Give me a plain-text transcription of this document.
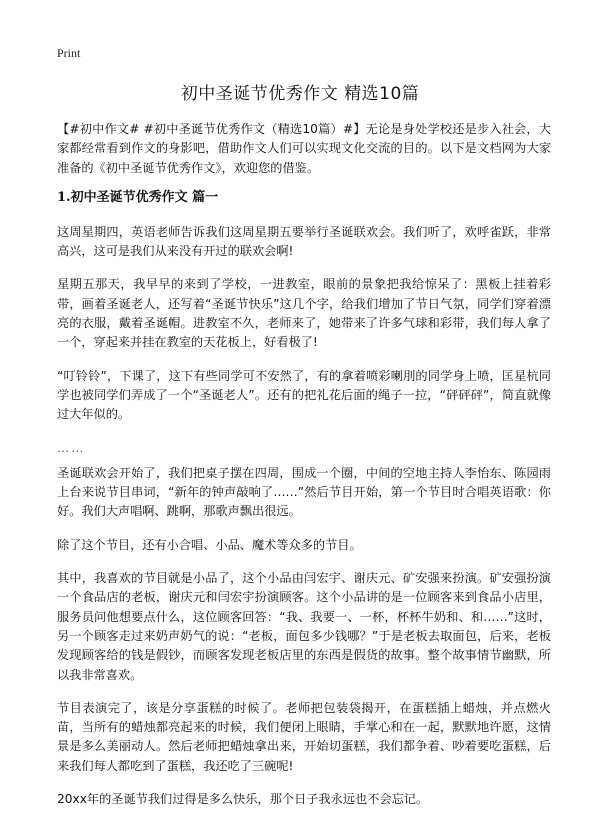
Print
初中圣诞节优秀作文 精选10篇

【#初中作文# #初中圣诞节优秀作文（精选10篇）#】无论是身处学校还是步入社会，大家都经常看到作文的身影吧，借助作文人们可以实现文化交流的目的。以下是文档网为大家准备的《初中圣诞节优秀作文》，欢迎您的借鉴。

1.初中圣诞节优秀作文 篇一

这周星期四，英语老师告诉我们这周星期五要举行圣诞联欢会。我们听了，欢呼雀跃，非常高兴，这可是我们从来没有开过的联欢会啊!

星期五那天，我早早的来到了学校，一进教室，眼前的景象把我给惊呆了：黑板上挂着彩带，画着圣诞老人，还写着“圣诞节快乐”这几个字，给我们增加了节日气氛，同学们穿着漂亮的衣服，戴着圣诞帽。进教室不久，老师来了，她带来了许多气球和彩带，我们每人拿了一个，穿起来并挂在教室的天花板上，好看极了!

“叮铃铃”，下课了，这下有些同学可不安然了，有的拿着喷彩喇刖的同学身上喷，匡星杭同学也被同学们弄成了一个“圣诞老人”。还有的把礼花后面的绳子一拉，“砰砰砰”，简直就像过大年似的。

……

圣诞联欢会开始了，我们把桌子摆在四周，围成一个圈，中间的空地主持人李怡东、陈园雨上台来说节目串词，“新年的钟声敲响了……”然后节目开始，第一个节目时合唱英语歌：你好。我们大声唱啊、跳啊，那歌声飘出很远。

除了这个节目，还有小合唱、小品、魔术等众多的节目。

其中，我喜欢的节目就是小品了，这个小品由闫宏宇、谢庆元、矿安强来扮演。矿安强扮演一个食品店的老板，谢庆元和闫宏宇扮演顾客。这个小品讲的是一位顾客来到食品小店里，服务员问他想要点什么，这位顾客回答：“我、我要一、一杯，杯杯牛奶和、和……”这时，另一个顾客走过来奶声奶气的说：“老板，面包多少钱哪？”于是老板去取面包，后来，老板发现顾客给的钱是假钞，而顾客发现老板店里的东西是假货的故事。整个故事情节幽默，所以我非常喜欢。

节目表演完了，该是分享蛋糕的时候了。老师把包装袋揭开，在蛋糕插上蜡烛，并点燃火苗，当所有的蜡烛都亮起来的时候，我们便闭上眼睛，手掌心和在一起，默默地许愿，这情景是多么美丽动人。然后老师把蜡烛拿出来，开始切蛋糕，我们都争着、吵着要吃蛋糕，后来我们每人都吃到了蛋糕，我还吃了三碗呢!

20xx年的圣诞节我们过得是多么快乐，那个日子我永远也不会忘记。
